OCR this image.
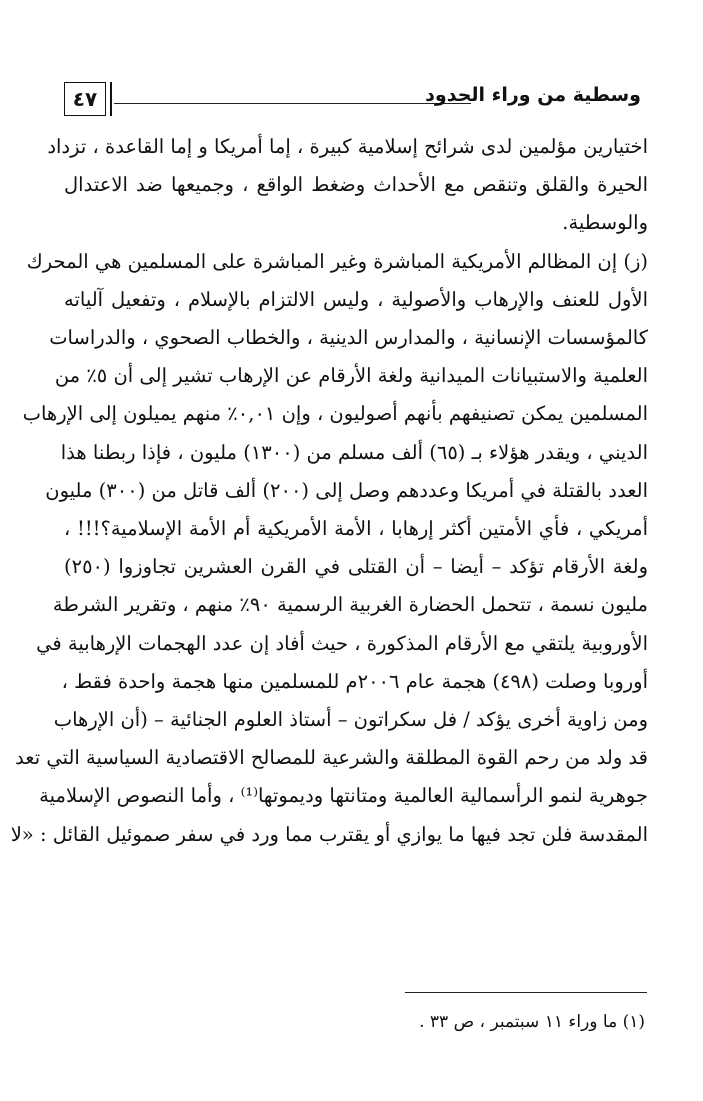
٤٧	وسطية من وراء الحدود
اختيارين مؤلمين لدى شرائح إسلامية كبيرة ، إما أمريكا و إما القاعدة ، تزداد
الحيرة والقلق وتنقص مع الأحداث وضغط الواقع ، وجميعها ضد الاعتدال
والوسطية.
(ز) إن المظالم الأمريكية المباشرة وغير المباشرة على المسلمين هي المحرك
الأول للعنف والإرهاب والأصولية ، وليس الالتزام بالإسلام ، وتفعيل آلياته
كالمؤسسات الإنسانية ، والمدارس الدينية ، والخطاب الصحوي ، والدراسات
العلمية والاستبيانات الميدانية ولغة الأرقام عن الإرهاب تشير إلى أن ٥٪ من
المسلمين يمكن تصنيفهم بأنهم أصوليون ، وإن ٠,٠١٪ منهم يميلون إلى الإرهاب
الديني ، ويقدر هؤلاء بـ (٦٥) ألف مسلم من (١٣٠٠) مليون ، فإذا ربطنا هذا
العدد بالقتلة في أمريكا وعددهم وصل إلى (٢٠٠) ألف قاتل من (٣٠٠) مليون
أمريكي ، فأي الأمتين أكثر إرهابا ، الأمة الأمريكية أم الأمة الإسلامية؟!!! ،
ولغة الأرقام تؤكد – أيضا – أن القتلى في القرن العشرين تجاوزوا (٢٥٠)
مليون نسمة ، تتحمل الحضارة الغربية الرسمية ٩٠٪ منهم ، وتقرير الشرطة
الأوروبية يلتقي مع الأرقام المذكورة ، حيث أفاد إن عدد الهجمات الإرهابية في
أوروبا وصلت (٤٩٨) هجمة عام ٢٠٠٦م للمسلمين منها هجمة واحدة فقط ،
ومن زاوية أخرى يؤكد / فل سكراتون – أستاذ العلوم الجنائية – (أن الإرهاب
قد ولد من رحم القوة المطلقة والشرعية للمصالح الاقتصادية السياسية التي تعد
جوهرية لنمو الرأسمالية العالمية ومتانتها وديموتها⁽¹⁾ ، وأما النصوص الإسلامية
المقدسة فلن تجد فيها ما يوازي أو يقترب مما ورد في سفر صموئيل القائل : «لا
(١) ما وراء ١١ سبتمبر ، ص ٣٣ .
